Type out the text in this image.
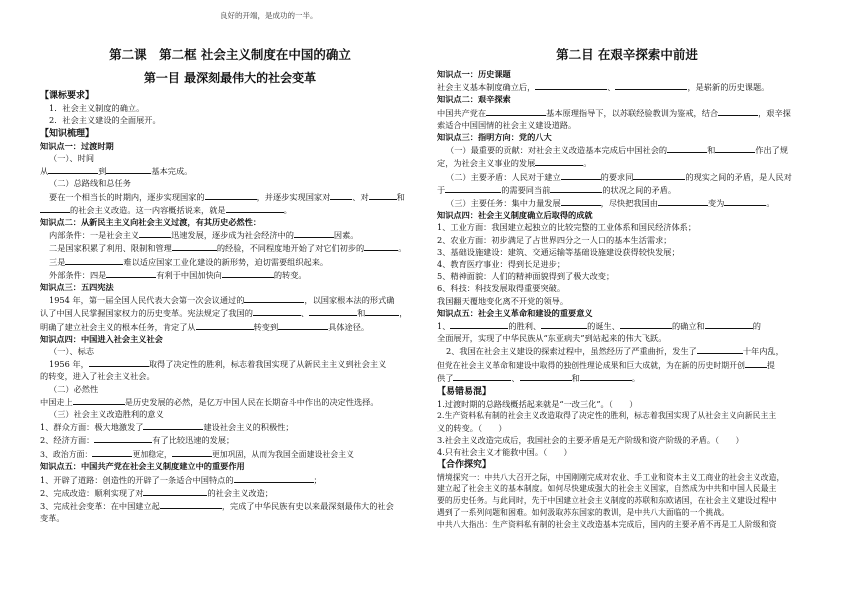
良好的开端，是成功的一半。

第二课　第二框 社会主义制度在中国的确立

第一目 最深刻最伟大的社会变革

【课标要求】

1．社会主义制度的确立。

2．社会主义建设的全面展开。

【知识梳理】

知识点一：过渡时期

（一）、时间

从	到	基本完成。

（二）总路线和总任务

要在一个相当长的时期内，逐步实现国家的	，并逐步实现国家对	、对	和

的社会主义改造。这一内容概括说来，就是	。

知识点二：从新民主主义向社会主义过渡，有其历史必然性：

内部条件：一是社会主义	迅速发展，逐步成为社会经济中的	因素。

二是国家积累了利用、限制和管理	的经验，不同程度地开始了对它们初步的	。

三是	难以适应国家工业化建设的新形势，迫切需要组织起来。

外部条件：四是	有利于中国加快向	的转变。

知识点三：五四宪法

1954 年，第一届全国人民代表大会第一次会议通过的	，以国家根本法的形式确

认了中国人民掌握国家权力的历史变革。宪法规定了我国的	、	和	，

明确了建立社会主义的根本任务，肯定了从	转变到	具体途径。

知识点四：中国进入社会主义社会

（一）、标志

1956 年，	取得了决定性的胜利，标志着我国实现了从新民主主义到社会主义

的转变，进入了社会主义社会。

（二）必然性

中国走上	是历史发展的必然，是亿万中国人民在长期奋斗中作出的决定性选择。

（三）社会主义改造胜利的意义

1、群众方面：极大地激发了	建设社会主义的积极性；

2、经济方面：	有了比较迅速的发展；

3、政治方面：	更加稳定，	更加巩固，从而为我国全面建设社会主义

知识点五：中国共产党在社会主义制度建立中的重要作用

1、开辟了道路：创造性的开辟了一条适合中国特点的	；

2、完成改造：顺利实现了对	的社会主义改造；

3、完成社会变革：在中国建立起	，完成了中华民族有史以来最深刻最伟大的社会

变革。

第二目 在艰辛探索中前进

知识点一：历史课题

社会主义基本制度确立后，	、	，是崭新的历史课题。

知识点二：艰辛探索

中国共产党在	基本原理指导下，以苏联经验教训为鉴戒，结合	，艰辛探

索适合中国国情的社会主义建设道路。

知识点三：指明方向：党的八大

（一）最重要的贡献：对社会主义改造基本完成后中国社会的	和	作出了规

定，为社会主义事业的发展	。

（二）主要矛盾：人民对于建立	的要求同	的现实之间的矛盾，是人民对

于	的需要同当前	的状况之间的矛盾。

（三）主要任务：集中力量发展	，尽快把我国由	变为	。

知识点四：社会主义制度确立后取得的成就

1、工业方面：我国建立起独立的比较完整的工业体系和国民经济体系；

2、农业方面：初步满足了占世界四分之一人口的基本生活需求；

3、基础设施建设：建筑、交通运输等基础设施建设获得较快发展；

4、教育医疗事业：得到长足进步；

5、精神面貌：人们的精神面貌得到了极大改变；

6、科技：科技发展取得重要突破。

我国翻天覆地变化离不开党的领导。

知识点五：社会主义革命和建设的重要意义

1、	的胜利、	的诞生、	的确立和	的

全面展开，实现了中华民族从“东亚病夫”到站起来的伟大飞跃。

2、我国在社会主义建设的探索过程中，虽然经历了严重曲折，发生了	十年内乱，

但党在社会主义革命和建设中取得的独创性理论成果和巨大成就，为在新的历史时期开创	提

供了	、	和	。

【易错易混】

1.过渡时期的总路线概括起来就是“一改三化”。（　　）

2.生产资料私有制的社会主义改造取得了决定性的胜利，标志着我国实现了从社会主义向新民主主

义的转变。（　　）

3.社会主义改造完成后，我国社会的主要矛盾是无产阶级和资产阶级的矛盾。（　　）

4.只有社会主义才能救中国。（　　）

【合作探究】

情境探究一：中共八大召开之际，中国刚刚完成对农业、手工业和资本主义工商业的社会主义改造，

建立起了社会主义的基本制度。如何尽快建成强大的社会主义国家，自然成为中共和中国人民最主

要的历史任务。与此同时，先于中国建立社会主义制度的苏联和东欧诸国，在社会主义建设过程中

遇到了一系列问题和困难。如何汲取苏东国家的教训，是中共八大面临的一个挑战。

中共八大指出：生产资料私有制的社会主义改造基本完成后，国内的主要矛盾不再是工人阶级和资
